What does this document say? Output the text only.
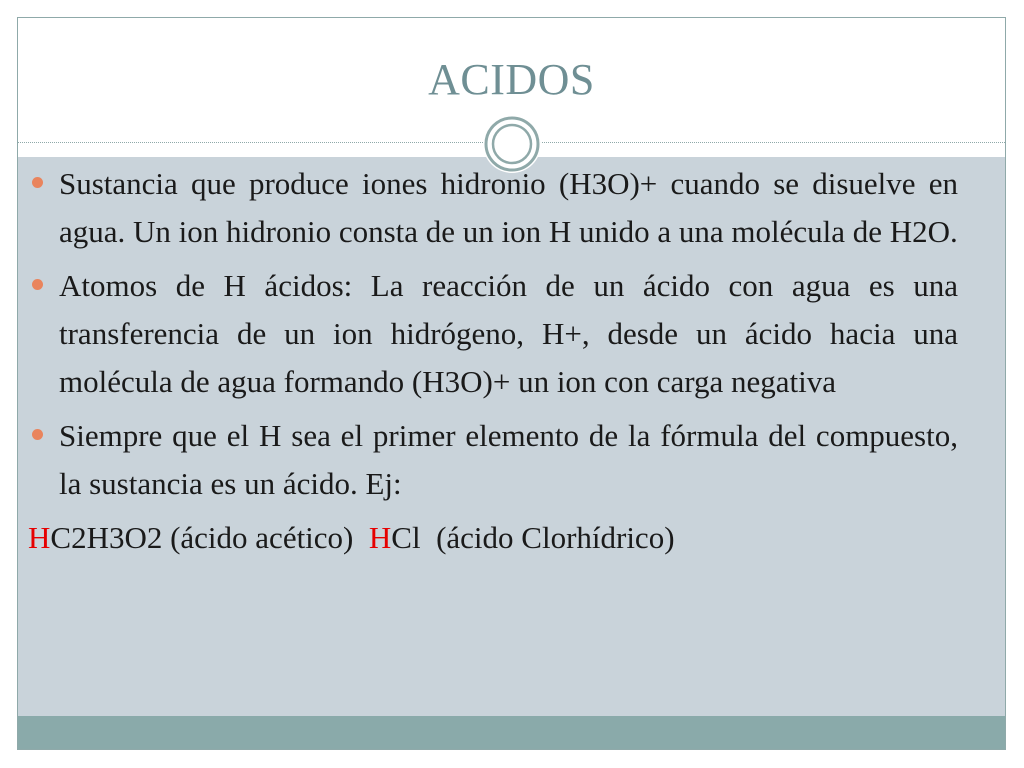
ACIDOS
Sustancia que produce iones hidronio (H3O)+ cuando se disuelve en agua. Un ion hidronio consta de un ion H unido a una molécula de H2O.
Atomos de H ácidos: La reacción de un ácido con agua es una transferencia de un ion hidrógeno, H+, desde un ácido hacia una molécula de agua formando (H3O)+ un ion con carga negativa
Siempre que el H sea el primer elemento de la fórmula del compuesto, la sustancia es un ácido. Ej:
HC2H3O2 (ácido acético)  HCl  (ácido Clorhídrico)
